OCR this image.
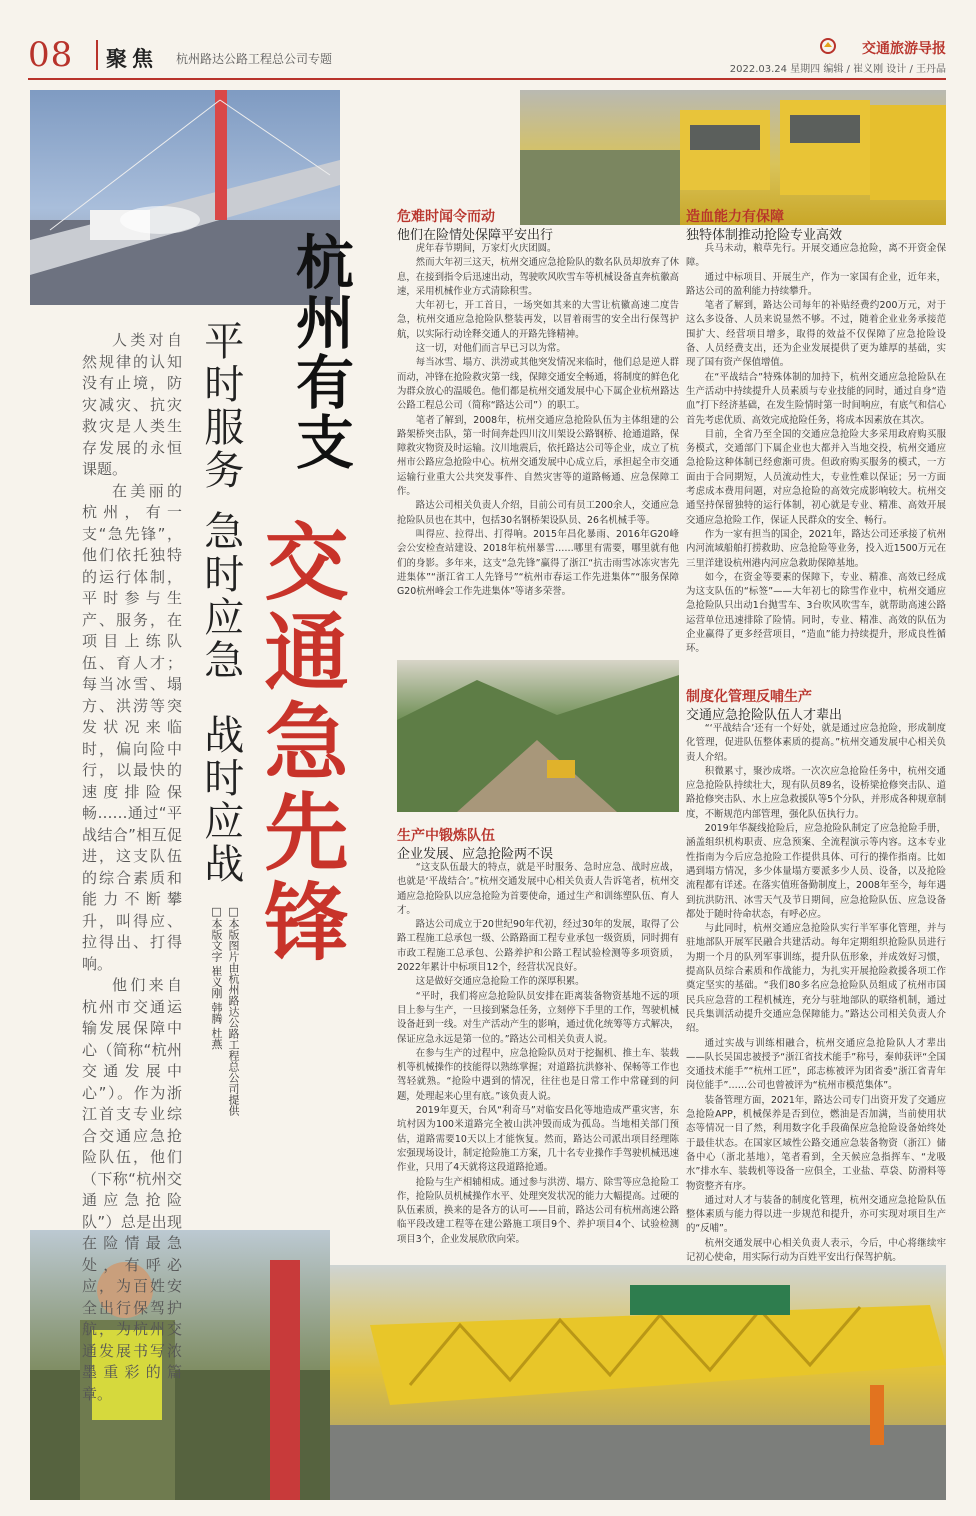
08 聚焦 杭州路达公路工程总公司专题
交通旅游导报
2022.03.24 星期四 编辑 / 崔义刚 设计 / 王丹晶
杭州有支
交通急先锋
平时服务
急时应急
战时应战
□本版图片由杭州路达公路工程总公司提供
□本版文字 崔义刚 韩腾 杜燕

人类对自然规律的认知没有止境，防灾减灾、抗灾救灾是人类生存发展的永恒课题。

在美丽的杭州，有一支“急先锋”，他们依托独特的运行体制，平时参与生产、服务，在项目上练队伍、育人才；每当冰雪、塌方、洪涝等突发状况来临时，偏向险中行，以最快的速度排险保畅……通过“平战结合”相互促进，这支队伍的综合素质和能力不断攀升，叫得应、拉得出、打得响。

他们来自杭州市交通运输发展保障中心（简称“杭州交通发展中心”）。作为浙江首支专业综合交通应急抢险队伍，他们（下称“杭州交通应急抢险队”）总是出现在险情最急处，有呼必应，为百姓安全出行保驾护航，为杭州交通发展书写浓墨重彩的篇章。

危难时闻令而动
他们在险情处保障平安出行

虎年春节期间，万家灯火庆团圆。

然而大年初三这天，杭州交通应急抢险队的数名队员却放弃了休息，在接到指令后迅速出动，驾驶吹风吹雪车等机械设备直奔杭徽高速，采用机械作业方式清除积雪。

大年初七，开工首日，一场突如其来的大雪让杭徽高速二度告急，杭州交通应急抢险队整装再发，以冒着雨雪的安全出行保驾护航，以实际行动诠释交通人的开路先锋精神。

这一切，对他们而言早已习以为常。

每当冰雪、塌方、洪涝或其他突发情况来临时，他们总是逆人群而动，冲锋在抢险救灾第一线，保障交通安全畅通，将制度的鲜色化为群众放心的温暖色。他们都是杭州交通发展中心下属企业杭州路达公路工程总公司（简称“路达公司”）的职工。

笔者了解到，2008年，杭州交通应急抢险队伍为主体组建的公路架桥突击队，第一时间奔赴四川汶川架设公路钢桥、抢通道路，保障救灾物资及时运输。汶川地震后，依托路达公司等企业，成立了杭州市公路应急抢险中心。杭州交通发展中心成立后，承担起全市交通运输行业重大公共突发事件、自然灾害等的道路畅通、应急保障工作。

路达公司相关负责人介绍，目前公司有员工200余人，交通应急抢险队员也在其中，包括30名钢桥架设队员、26名机械手等。

叫得应、拉得出、打得响。2015年昌化暴雨、2016年G20峰会公安检查站建设、2018年杭州暴雪……哪里有需要，哪里就有他们的身影。多年来，这支“急先锋”赢得了浙江“抗击雨雪冰冻灾害先进集体”“浙江省工人先锋号”“杭州市春运工作先进集体”“服务保障G20杭州峰会工作先进集体”等诸多荣誉。

生产中锻炼队伍
企业发展、应急抢险两不误

“这支队伍最大的特点，就是平时服务、急时应急、战时应战，也就是‘平战结合’。”杭州交通发展中心相关负责人告诉笔者，杭州交通应急抢险队以应急抢险为首要使命，通过生产和训练塑队伍、育人才。

路达公司成立于20世纪90年代初，经过30年的发展，取得了公路工程施工总承包一级、公路路面工程专业承包一级资质，同时拥有市政工程施工总承包、公路养护和公路工程试验检测等多项资质，2022年累计中标项目12个，经营状况良好。

这是做好交通应急抢险工作的深厚积累。

“平时，我们将应急抢险队员安排在距离装备物资基地不远的项目上参与生产，一旦接到紧急任务，立刻停下手里的工作，驾驶机械设备赶到一线。对生产活动产生的影响，通过优化统筹等方式解决，保证应急永远是第一位的。”路达公司相关负责人说。

在参与生产的过程中，应急抢险队员对于挖掘机、推土车、装载机等机械操作的技能得以熟练掌握；对道路抗洪修补、保畅等工作也驾轻就熟。“抢险中遇到的情况，往往也是日常工作中常碰到的问题，处理起来心里有底。”该负责人说。

2019年夏天，台风“利奇马”对临安昌化等地造成严重灾害，东坑村因为100米道路完全被山洪冲毁而成为孤岛。当地相关部门预估，道路需要10天以上才能恢复。然而，路达公司派出项目经理陈宏强现场设计，制定抢险施工方案，几十名专业操作手驾驶机械迅速作业，只用了4天就将这段道路抢通。

抢险与生产相辅相成。通过参与洪涝、塌方、除雪等应急抢险工作，抢险队员机械操作水平、处理突发状况的能力大幅提高。过硬的队伍素质，换来的是各方的认可——目前，路达公司有杭州高速公路临平段改建工程等在建公路施工项目9个、养护项目4个、试验检测项目3个，企业发展欣欣向荣。

造血能力有保障
独特体制推动抢险专业高效

兵马未动，粮草先行。开展交通应急抢险，离不开资金保障。

通过中标项目、开展生产，作为一家国有企业，近年来，路达公司的盈利能力持续攀升。

笔者了解到，路达公司每年的补贴经费约200万元，对于这么多设备、人员来说显然不够。不过，随着企业业务承接范围扩大、经营项目增多，取得的效益不仅保障了应急抢险设备、人员经费支出，还为企业发展提供了更为雄厚的基础，实现了国有资产保值增值。

在“平战结合”特殊体制的加持下，杭州交通应急抢险队在生产活动中持续提升人员素质与专业技能的同时，通过自身“造血”打下经济基础，在发生险情时第一时间响应，有底气和信心首先考虑优质、高效完成抢险任务，将成本因素放在其次。

目前，全省乃至全国的交通应急抢险大多采用政府购买服务模式，交通部门下属企业也大都并入当地交投，杭州交通应急抢险这种体制已经愈渐可贵。但政府购买服务的模式，一方面由于合同期短，人员流动性大，专业性难以保证；另一方面考虑成本费用问题，对应急抢险的高效完成影响较大。杭州交通坚持保留独特的运行体制，初心就是专业、精准、高效开展交通应急抢险工作，保证人民群众的安全、畅行。

作为一家有担当的国企，2021年，路达公司还承接了杭州内河流域船舶打捞救助、应急抢险等业务，投入近1500万元在三里洋建设杭州港内河应急救助保障基地。

如今，在资金等要素的保障下，专业、精准、高效已经成为这支队伍的“标签”——大年初七的除雪作业中，杭州交通应急抢险队只出动1台抛雪车、3台吹风吹雪车，就帮助高速公路运营单位迅速排除了险情。同时，专业、精准、高效的队伍为企业赢得了更多经营项目，“造血”能力持续提升，形成良性循环。

制度化管理反哺生产
交通应急抢险队伍人才辈出

“‘平战结合’还有一个好处，就是通过应急抢险，形成制度化管理，促进队伍整体素质的提高。”杭州交通发展中心相关负责人介绍。

积微累寸，聚沙成塔。一次次应急抢险任务中，杭州交通应急抢险队持续壮大，现有队员89名，设桥梁抢修突击队、道路抢修突击队、水上应急救援队等5个分队，并形成各种规章制度，不断规范内部管理，强化队伍执行力。

2019年华凝线抢险后，应急抢险队制定了应急抢险手册，涵盖组织机构职责、应急预案、全流程演示等内容。这本专业性指南为今后应急抢险工作提供具体、可行的操作指南。比如遇到塌方情况，多少体量塌方要派多少人员、设备，以及抢险流程都有详述。在落实值班备勤制度上，2008年至今，每年遇到抗洪防汛、冰雪天气及节日期间，应急抢险队伍、应急设备都处于随时待命状态，有呼必应。

与此同时，杭州交通应急抢险队实行半军事化管理，并与驻地部队开展军民融合共建活动。每年定期组织抢险队员进行为期一个月的队列军事训练，提升队伍形象，并成效好习惯，提高队员综合素质和作战能力，为扎实开展抢险救援各项工作奠定坚实的基础。“我们80多名应急抢险队员组成了杭州市国民兵应急营的工程机械连，充分与驻地部队的联络机制，通过民兵集训活动提升交通应急保障能力。”路达公司相关负责人介绍。

通过实战与训练相融合，杭州交通应急抢险队人才辈出——队长吴国忠被授予“浙江省技术能手”称号，秦帅获评“全国交通技术能手”“杭州工匠”，邱志栋被评为团省委“浙江省青年岗位能手”……公司也曾被评为“杭州市模范集体”。

装备管理方面，2021年，路达公司专门出资开发了交通应急抢险APP，机械保养是否到位，燃油是否加满，当前使用状态等情况一目了然，利用数字化手段确保应急抢险设备始终处于最佳状态。在国家区域性公路交通应急装备物资（浙江）储备中心（浙北基地），笔者看到，全天候应急指挥车、“龙吸水”排水车、装载机等设备一应俱全，工业盐、草袋、防滑料等物资整齐有序。

通过对人才与装备的制度化管理，杭州交通应急抢险队伍整体素质与能力得以进一步规范和提升，亦可实现对项目生产的“反哺”。

杭州交通发展中心相关负责人表示，今后，中心将继续牢记初心使命，用实际行动为百姓平安出行保驾护航。
